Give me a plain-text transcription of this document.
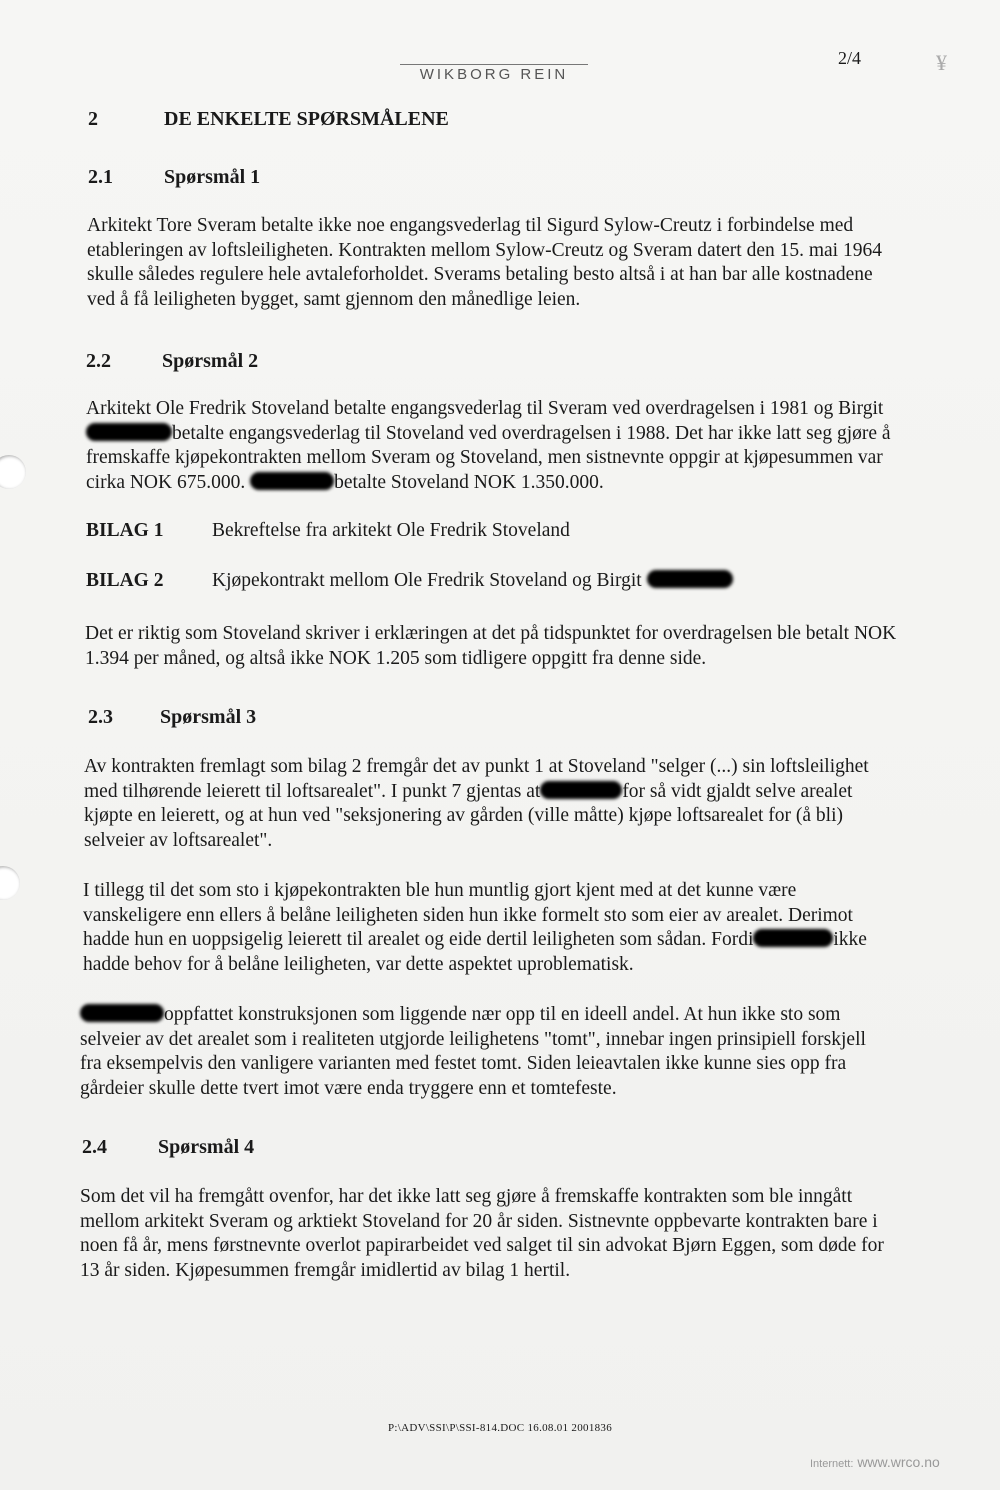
WIKBORG REIN
2/4	¥
2	DE ENKELTE SPØRSMÅLENE
2.1	Spørsmål 1

Arkitekt Tore Sveram betalte ikke noe engangsvederlag til Sigurd Sylow-Creutz i forbindelse med etableringen av loftsleiligheten. Kontrakten mellom Sylow-Creutz og Sveram datert den 15. mai 1964 skulle således regulere hele avtaleforholdet. Sverams betaling besto altså i at han bar alle kostnadene ved å få leiligheten bygget, samt gjennom den månedlige leien.

2.2	Spørsmål 2

Arkitekt Ole Fredrik Stoveland betalte engangsvederlag til Sveram ved overdragelsen i 1981 og Birgitbetalte engangsvederlag til Stoveland ved overdragelsen i 1988. Det har ikke latt seg gjøre å fremskaffe kjøpekontrakten mellom Sveram og Stoveland, men sistnevnte oppgir at kjøpesummen var cirka NOK 675.000.	betalte Stoveland NOK 1.350.000.

BILAG 1 Bekreftelse fra arkitekt Ole Fredrik Stoveland
BILAG 2 Kjøpekontrakt mellom Ole Fredrik Stoveland og Birgit

Det er riktig som Stoveland skriver i erklæringen at det på tidspunktet for overdragelsen ble betalt NOK 1.394 per måned, og altså ikke NOK 1.205 som tidligere oppgitt fra denne side.

2.3 Spørsmål 3

Av kontrakten fremlagt som bilag 2 fremgår det av punkt 1 at Stoveland "selger (...) sin loftsleilighet med tilhørende leierett til loftsarealet". I punkt 7 gjentas at	for så vidt gjaldt selve arealet kjøpte en leierett, og at hun ved "seksjonering av gården (ville måtte) kjøpe loftsarealet for (å bli) selveier av loftsarealet".

I tillegg til det som sto i kjøpekontrakten ble hun muntlig gjort kjent med at det kunne være vanskeligere enn ellers å belåne leiligheten siden hun ikke formelt sto som eier av arealet. Derimot hadde hun en uoppsigelig leierett til arealet og eide dertil leiligheten som sådan. Fordi	ikke hadde behov for å belåne leiligheten, var dette aspektet uproblematisk.

oppfattet konstruksjonen som liggende nær opp til en ideell andel. At hun ikke sto som selveier av det arealet som i realiteten utgjorde leilighetens "tomt", innebar ingen prinsipiell forskjell fra eksempelvis den vanligere varianten med festet tomt. Siden leieavtalen ikke kunne sies opp fra gårdeier skulle dette tvert imot være enda tryggere enn et tomtefeste.

2.4	Spørsmål 4

Som det vil ha fremgått ovenfor, har det ikke latt seg gjøre å fremskaffe kontrakten som ble inngått mellom arkitekt Sveram og arktiekt Stoveland for 20 år siden. Sistnevnte oppbevarte kontrakten bare i noen få år, mens førstnevnte overlot papirarbeidet ved salget til sin advokat Bjørn Eggen, som døde for 13 år siden. Kjøpesummen fremgår imidlertid av bilag 1 hertil.

P:\ADV\SSI\P\SSI-814.DOC 16.08.01 2001836
Internett: www.wrco.no
